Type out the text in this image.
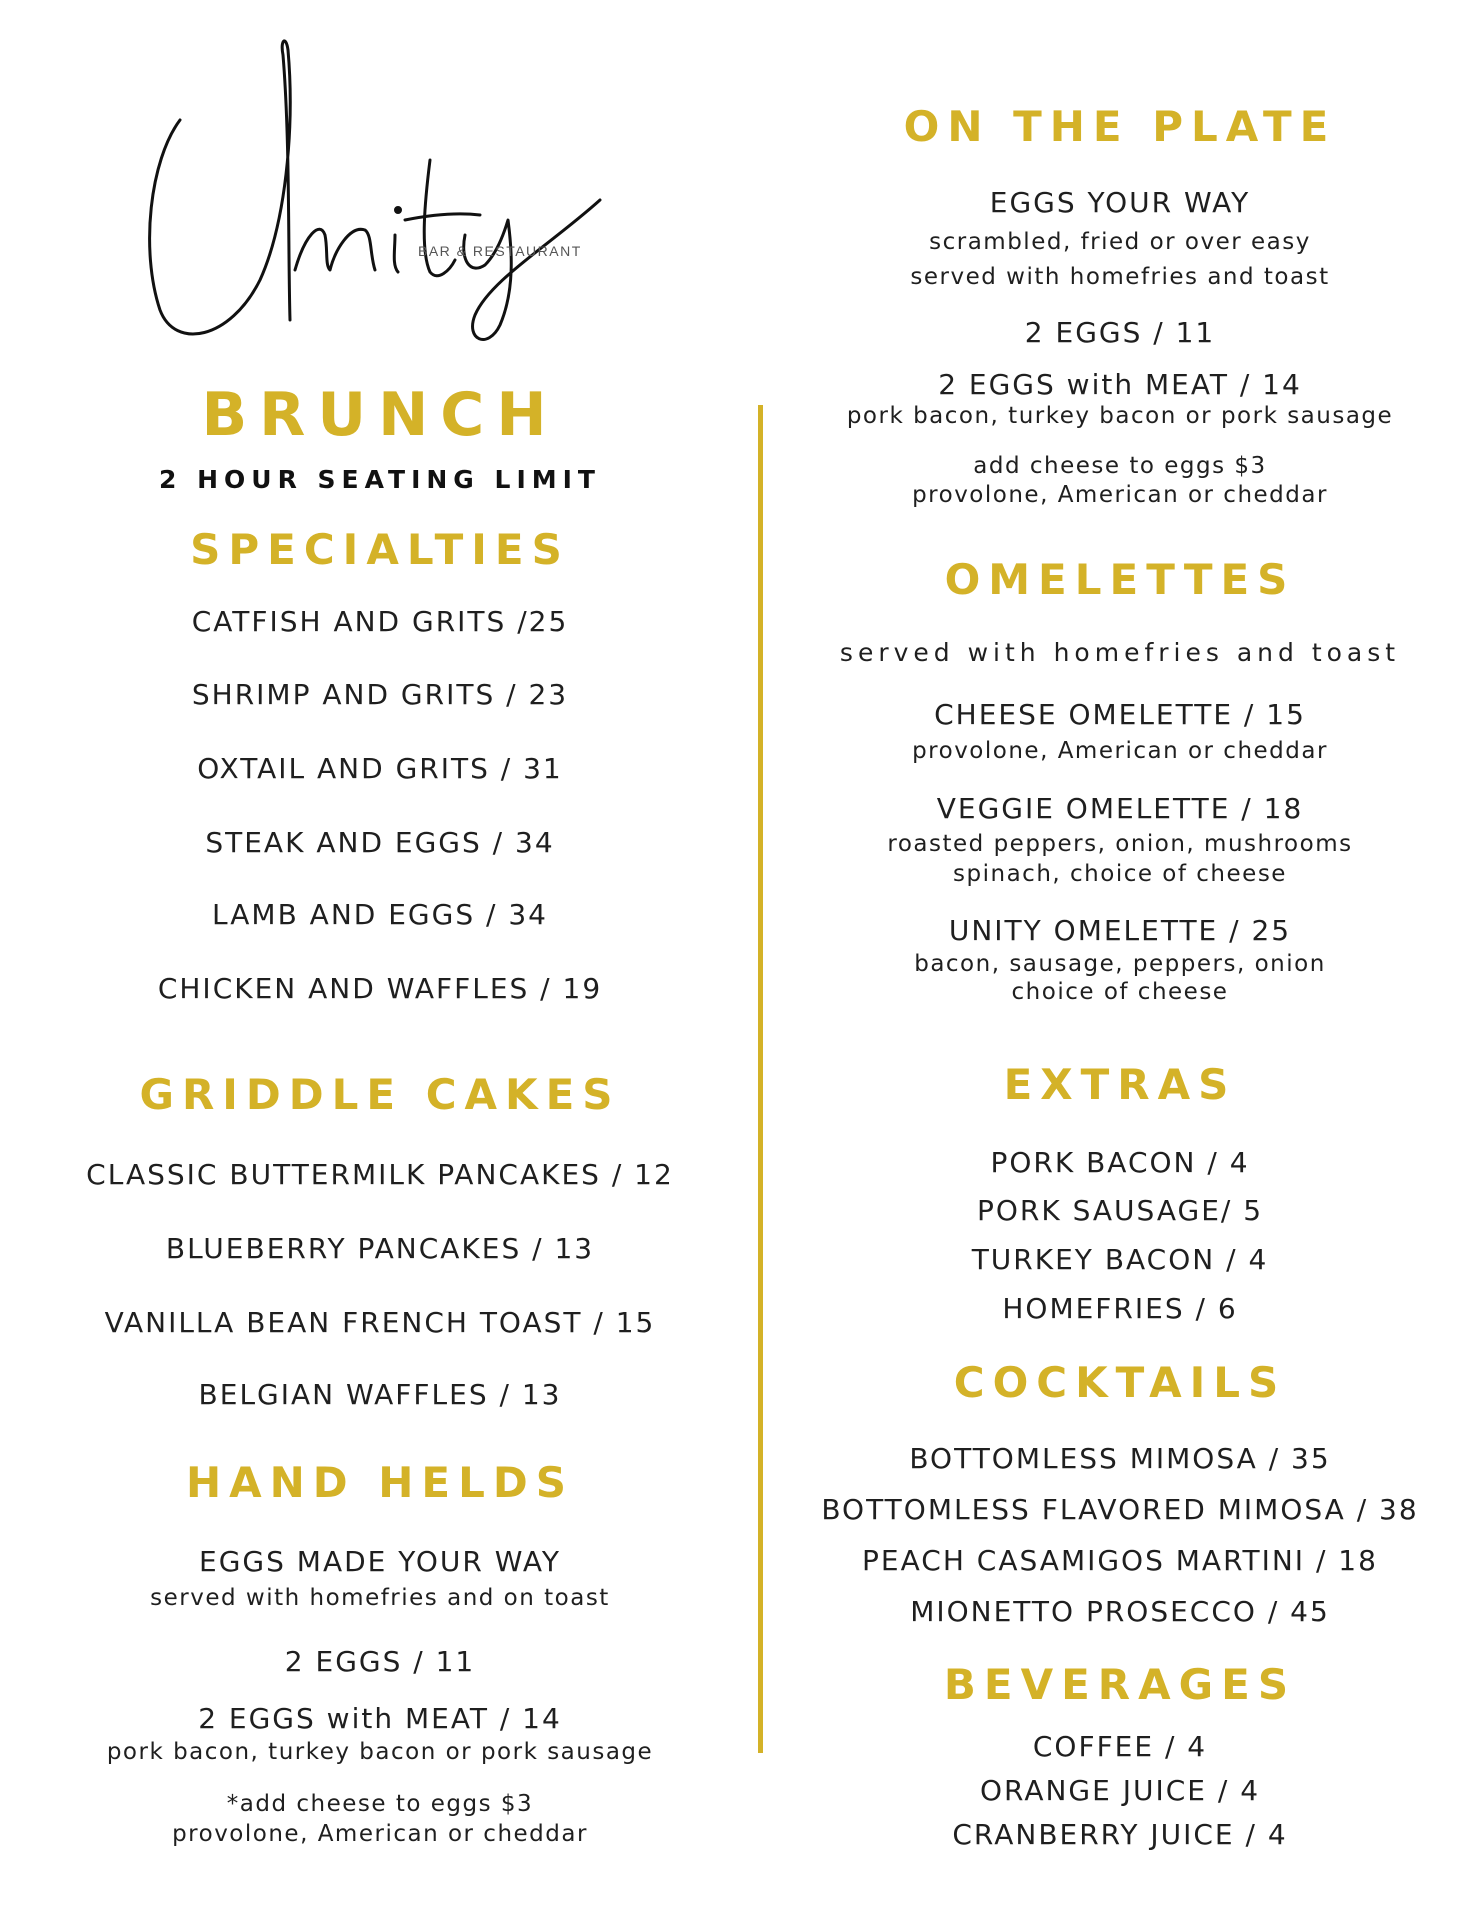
BAR & RESTAURANT
BRUNCH
2 HOUR SEATING LIMIT
SPECIALTIES
CATFISH AND GRITS /25
SHRIMP AND GRITS / 23
OXTAIL AND GRITS / 31
STEAK AND EGGS / 34
LAMB AND EGGS / 34
CHICKEN AND WAFFLES / 19
GRIDDLE CAKES
CLASSIC BUTTERMILK PANCAKES / 12
BLUEBERRY PANCAKES / 13
VANILLA BEAN FRENCH TOAST / 15
BELGIAN WAFFLES / 13
HAND HELDS
EGGS MADE YOUR WAY
served with homefries and on toast
2 EGGS / 11
2 EGGS with MEAT / 14
pork bacon, turkey bacon or pork sausage
*add cheese to eggs $3
provolone, American or cheddar
ON THE PLATE
EGGS YOUR WAY
scrambled, fried or over easy
served with homefries and toast
2 EGGS / 11
2 EGGS with MEAT / 14
pork bacon, turkey bacon or pork sausage
add cheese to eggs $3
provolone, American or cheddar
OMELETTES
served with homefries and toast
CHEESE OMELETTE / 15
provolone, American or cheddar
VEGGIE OMELETTE / 18
roasted peppers, onion, mushrooms
spinach, choice of cheese
UNITY OMELETTE / 25
bacon, sausage, peppers, onion
choice of cheese
EXTRAS
PORK BACON / 4
PORK SAUSAGE/ 5
TURKEY BACON / 4
HOMEFRIES / 6
COCKTAILS
BOTTOMLESS MIMOSA / 35
BOTTOMLESS FLAVORED MIMOSA / 38
PEACH CASAMIGOS MARTINI / 18
MIONETTO PROSECCO / 45
BEVERAGES
COFFEE / 4
ORANGE JUICE / 4
CRANBERRY JUICE / 4
